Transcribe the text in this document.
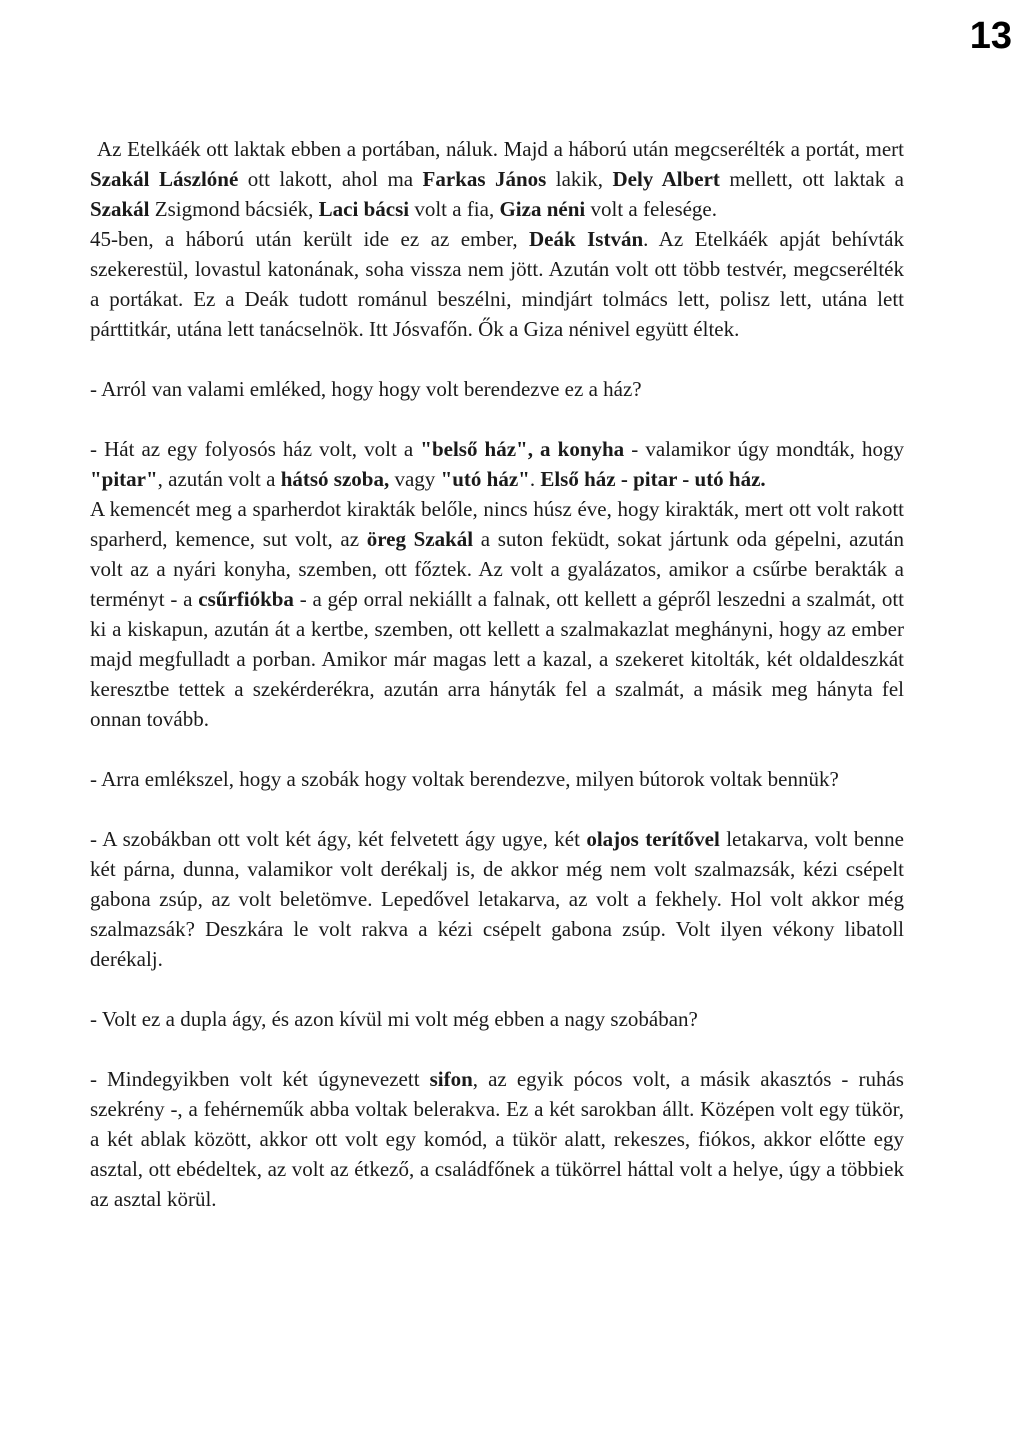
13

Az Etelkáék ott laktak ebben a portában, náluk. Majd a háború után megcserélték a portát, mert Szakál Lászlóné ott lakott, ahol ma Farkas János lakik, Dely Albert mellett, ott laktak a Szakál Zsigmond bácsiék, Laci bácsi volt a fia, Giza néni volt a felesége.

45-ben, a háború után került ide ez az ember, Deák István. Az Etelkáék apját behívták szekerestül, lovastul katonának, soha vissza nem jött. Azután volt ott több testvér, megcserélték a portákat. Ez a Deák tudott románul beszélni, mindjárt tolmács lett, polisz lett, utána lett párttitkár, utána lett tanácselnök. Itt Jósvafőn. Ők a Giza nénivel együtt éltek.

- Arról van valami emléked, hogy hogy volt berendezve ez a ház?

- Hát az egy folyosós ház volt, volt a "belső ház", a konyha - valamikor úgy mondták, hogy "pitar", azután volt a hátsó szoba, vagy "utó ház". Első ház - pitar - utó ház.

A kemencét meg a sparherdot kirakták belőle, nincs húsz éve, hogy kirakták, mert ott volt rakott sparherd, kemence, sut volt, az öreg Szakál a suton feküdt, sokat jártunk oda gépelni, azután volt az a nyári konyha, szemben, ott főztek. Az volt a gyalázatos, amikor a csűrbe berakták a terményt - a csűrfiókba - a gép orral nekiállt a falnak, ott kellett a gépről leszedni a szalmát, ott ki a kiskapun, azután át a kertbe, szemben, ott kellett a szalmakazlat meghányni, hogy az ember majd megfulladt a porban. Amikor már magas lett a kazal, a szekeret kitolták, két oldaldeszkát keresztbe tettek a szekérderékra, azután arra hányták fel a szalmát, a másik meg hányta fel onnan tovább.

- Arra emlékszel, hogy a szobák hogy voltak berendezve, milyen bútorok voltak bennük?

- A szobákban ott volt két ágy, két felvetett ágy ugye, két olajos terítővel letakarva, volt benne két párna, dunna, valamikor volt derékalj is, de akkor még nem volt szalmazsák, kézi csépelt gabona zsúp, az volt beletömve. Lepedővel letakarva, az volt a fekhely. Hol volt akkor még szalmazsák? Deszkára le volt rakva a kézi csépelt gabona zsúp. Volt ilyen vékony libatoll derékalj.

- Volt ez a dupla ágy, és azon kívül mi volt még ebben a nagy szobában?

- Mindegyikben volt két úgynevezett sifon, az egyik pócos volt, a másik akasztós - ruhás szekrény -, a fehérneműk abba voltak belerakva. Ez a két sarokban állt. Középen volt egy tükör, a két ablak között, akkor ott volt egy komód, a tükör alatt, rekeszes, fiókos, akkor előtte egy asztal, ott ebédeltek, az volt az étkező, a családfőnek a tükörrel háttal volt a helye, úgy a többiek az asztal körül.
